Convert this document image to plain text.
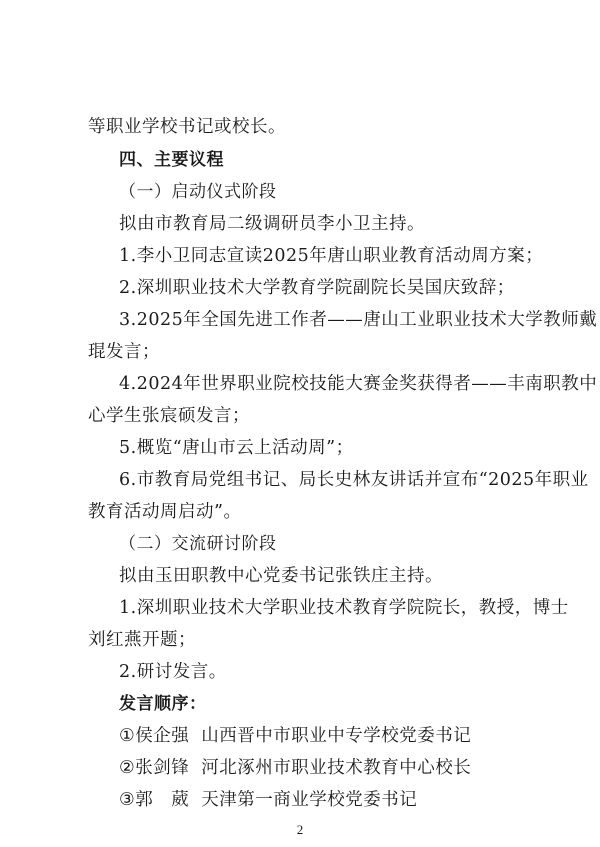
等职业学校书记或校长。
四、主要议程
（一）启动仪式阶段
拟由市教育局二级调研员李小卫主持。
1.李小卫同志宣读2025年唐山职业教育活动周方案；
2.深圳职业技术大学教育学院副院长吴国庆致辞；
3.2025年全国先进工作者——唐山工业职业技术大学教师戴
琨发言；
4.2024年世界职业院校技能大赛金奖获得者——丰南职教中
心学生张宸硕发言；
5.概览“唐山市云上活动周”；
6.市教育局党组书记、局长史林友讲话并宣布“2025年职业
教育活动周启动”。
（二）交流研讨阶段
拟由玉田职教中心党委书记张铁庄主持。
1.深圳职业技术大学职业技术教育学院院长，教授，博士
刘红燕开题；
2.研讨发言。
发言顺序：
①侯企强 山西晋中市职业中专学校党委书记
②张剑锋 河北涿州市职业技术教育中心校长
③郭　葳 天津第一商业学校党委书记
2
